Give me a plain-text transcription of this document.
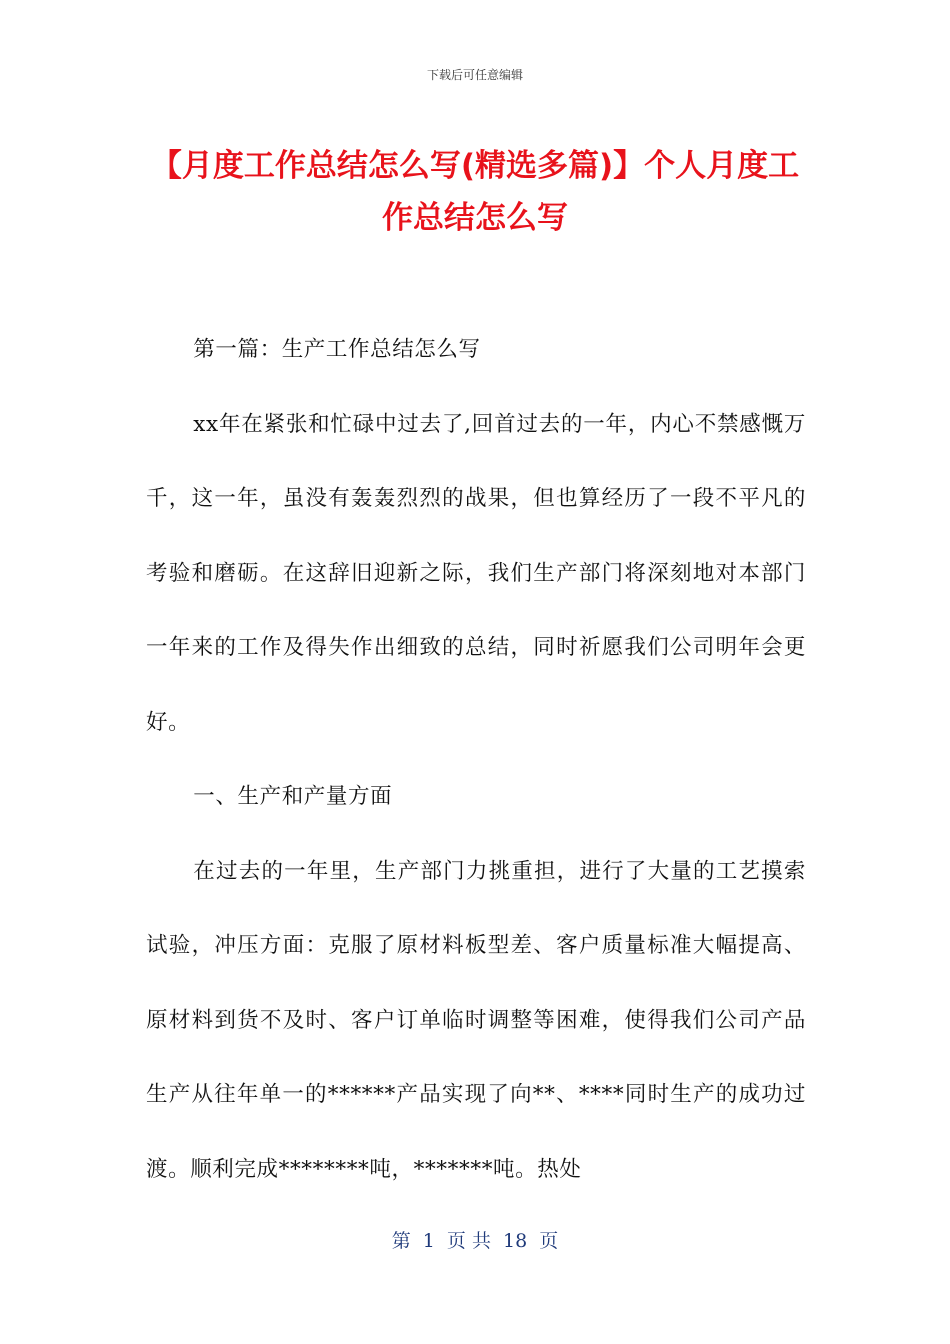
下载后可任意编辑
【月度工作总结怎么写(精选多篇)】个人月度工作总结怎么写

第一篇：生产工作总结怎么写

xx年在紧张和忙碌中过去了,回首过去的一年，内心不禁感慨万千，这一年，虽没有轰轰烈烈的战果，但也算经历了一段不平凡的考验和磨砺。在这辞旧迎新之际，我们生产部门将深刻地对本部门一年来的工作及得失作出细致的总结，同时祈愿我们公司明年会更好。

一、生产和产量方面

在过去的一年里，生产部门力挑重担，进行了大量的工艺摸索试验，冲压方面：克服了原材料板型差、客户质量标准大幅提高、原材料到货不及时、客户订单临时调整等困难，使得我们公司产品生产从往年单一的******产品实现了向**、****同时生产的成功过渡。顺利完成********吨，*******吨。热处

第  1  页 共  18  页
